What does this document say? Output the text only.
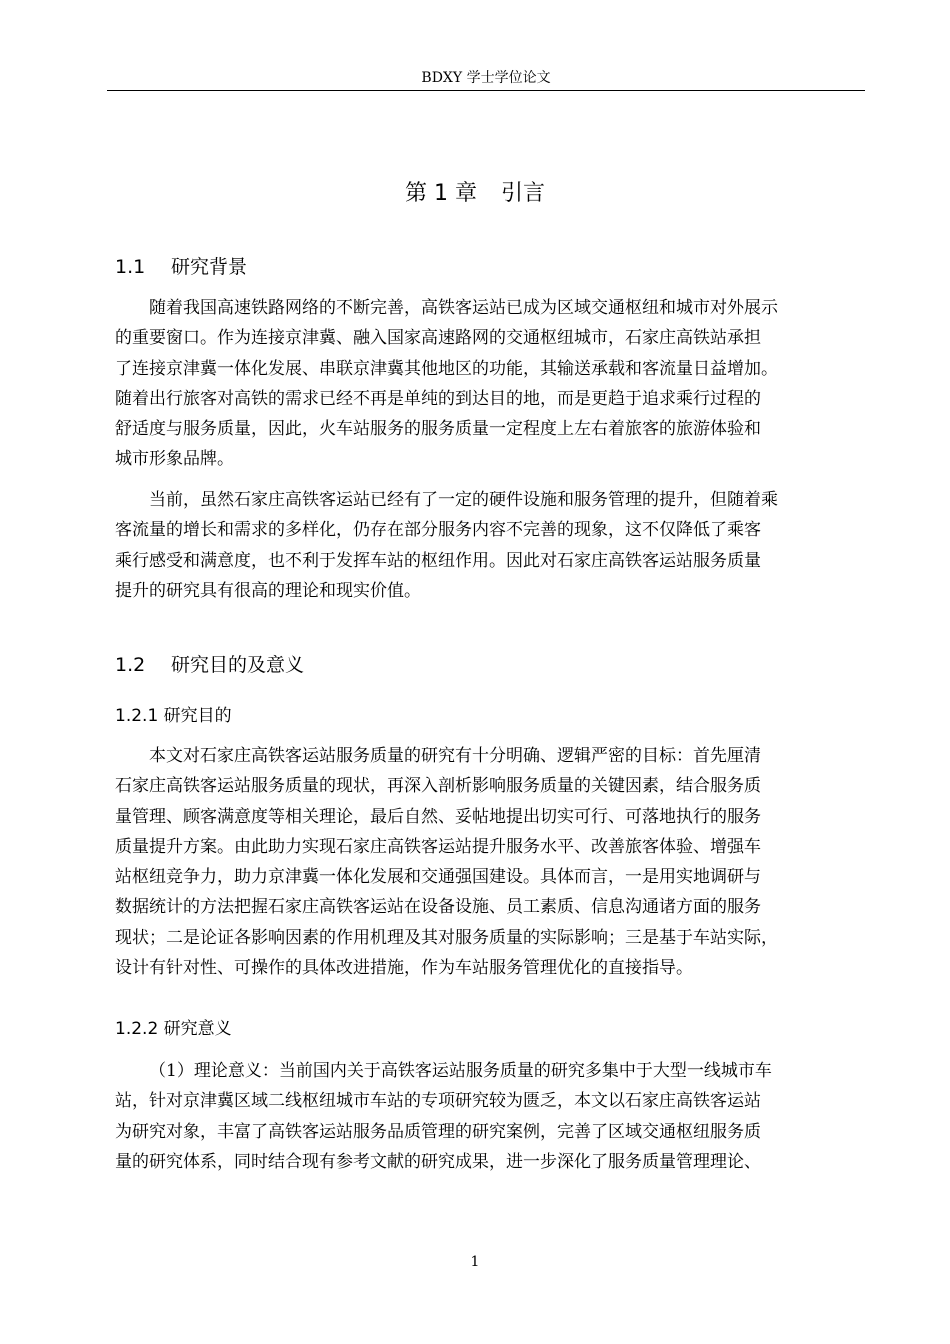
BDXY 学士学位论文
第 1 章 引言
1.1 研究背景
随着我国高速铁路网络的不断完善，高铁客运站已成为区域交通枢纽和城市对外展示
的重要窗口。作为连接京津冀、融入国家高速路网的交通枢纽城市，石家庄高铁站承担
了连接京津冀一体化发展、串联京津冀其他地区的功能，其输送承载和客流量日益增加。
随着出行旅客对高铁的需求已经不再是单纯的到达目的地，而是更趋于追求乘行过程的
舒适度与服务质量，因此，火车站服务的服务质量一定程度上左右着旅客的旅游体验和
城市形象品牌。
当前，虽然石家庄高铁客运站已经有了一定的硬件设施和服务管理的提升，但随着乘
客流量的增长和需求的多样化，仍存在部分服务内容不完善的现象，这不仅降低了乘客
乘行感受和满意度，也不利于发挥车站的枢纽作用。因此对石家庄高铁客运站服务质量
提升的研究具有很高的理论和现实价值。
1.2 研究目的及意义
1.2.1 研究目的
本文对石家庄高铁客运站服务质量的研究有十分明确、逻辑严密的目标：首先厘清
石家庄高铁客运站服务质量的现状，再深入剖析影响服务质量的关键因素，结合服务质
量管理、顾客满意度等相关理论，最后自然、妥帖地提出切实可行、可落地执行的服务
质量提升方案。由此助力实现石家庄高铁客运站提升服务水平、改善旅客体验、增强车
站枢纽竞争力，助力京津冀一体化发展和交通强国建设。具体而言，一是用实地调研与
数据统计的方法把握石家庄高铁客运站在设备设施、员工素质、信息沟通诸方面的服务
现状；二是论证各影响因素的作用机理及其对服务质量的实际影响；三是基于车站实际，
设计有针对性、可操作的具体改进措施，作为车站服务管理优化的直接指导。
1.2.2 研究意义
（1）理论意义：当前国内关于高铁客运站服务质量的研究多集中于大型一线城市车
站，针对京津冀区域二线枢纽城市车站的专项研究较为匮乏，本文以石家庄高铁客运站
为研究对象，丰富了高铁客运站服务品质管理的研究案例，完善了区域交通枢纽服务质
量的研究体系，同时结合现有参考文献的研究成果，进一步深化了服务质量管理理论、
1
